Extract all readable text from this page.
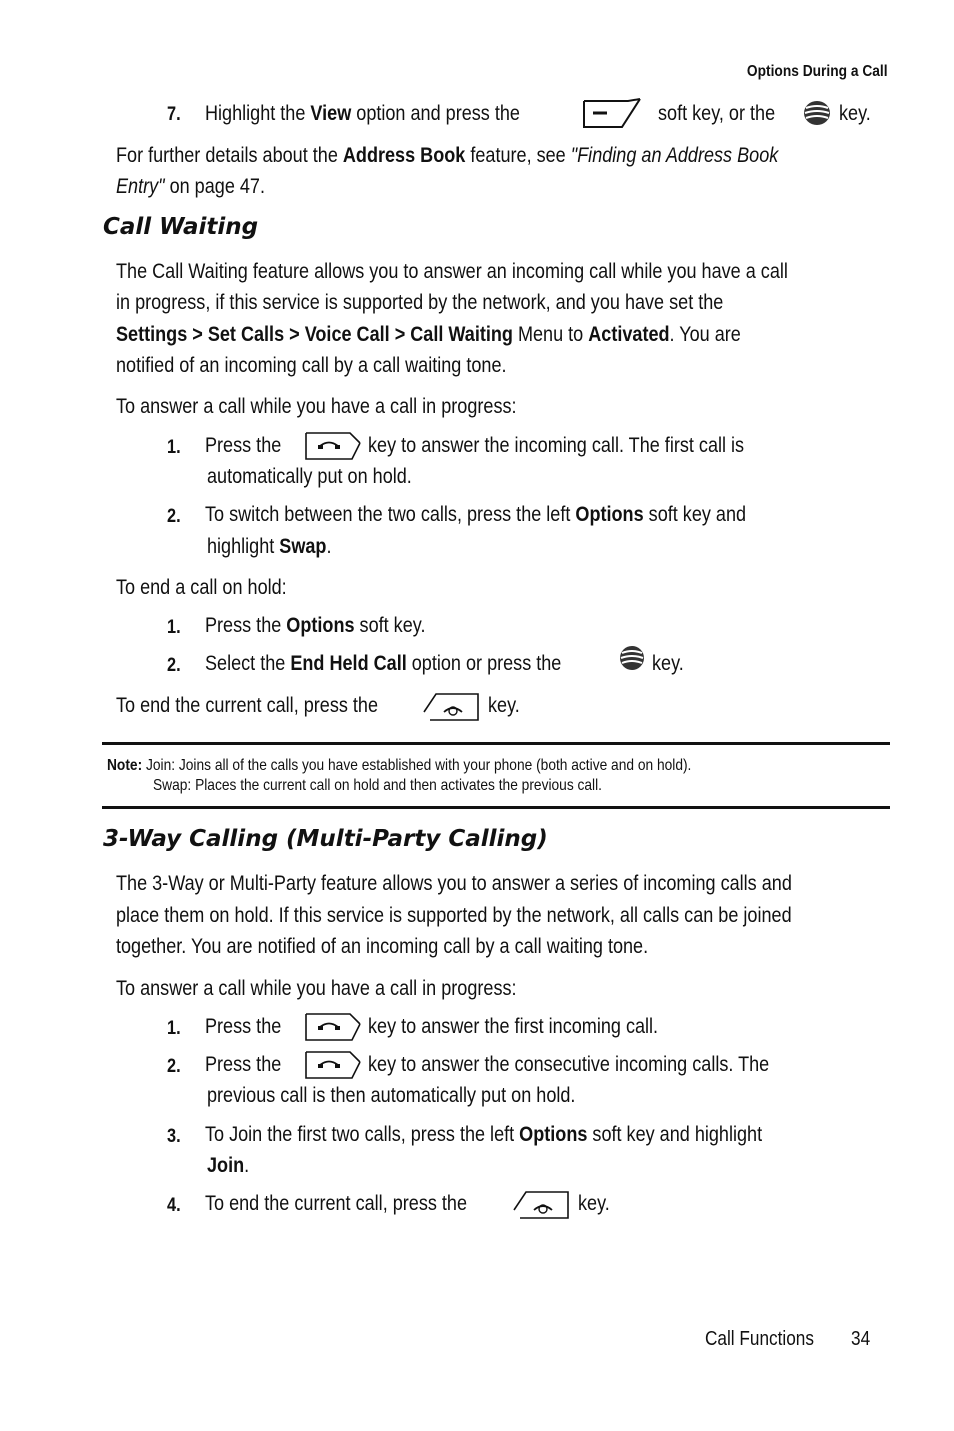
Options During a Call
7. Highlight the View option and press the	soft key, or the	key.
For further details about the Address Book feature, see "Finding an Address Book
Entry" on page 47.
Call Waiting
The Call Waiting feature allows you to answer an incoming call while you have a call
in progress, if this service is supported by the network, and you have set the
Settings > Set Calls > Voice Call > Call Waiting Menu to Activated. You are
notified of an incoming call by a call waiting tone.
To answer a call while you have a call in progress:
1. Press the	key to answer the incoming call. The first call is
automatically put on hold.
2. To switch between the two calls, press the left Options soft key and
highlight Swap.
To end a call on hold:
1. Press the Options soft key.
2. Select the End Held Call option or press the	key.
To end the current call, press the	key.
Note: Join: Joins all of the calls you have established with your phone (both active and on hold).
Swap: Places the current call on hold and then activates the previous call.
3-Way Calling (Multi-Party Calling)
The 3-Way or Multi-Party feature allows you to answer a series of incoming calls and
place them on hold. If this service is supported by the network, all calls can be joined
together. You are notified of an incoming call by a call waiting tone.
To answer a call while you have a call in progress:
1. Press the	key to answer the first incoming call.
2. Press the	key to answer the consecutive incoming calls. The
previous call is then automatically put on hold.
3. To Join the first two calls, press the left Options soft key and highlight
Join.
4. To end the current call, press the	key.
Call Functions 34
